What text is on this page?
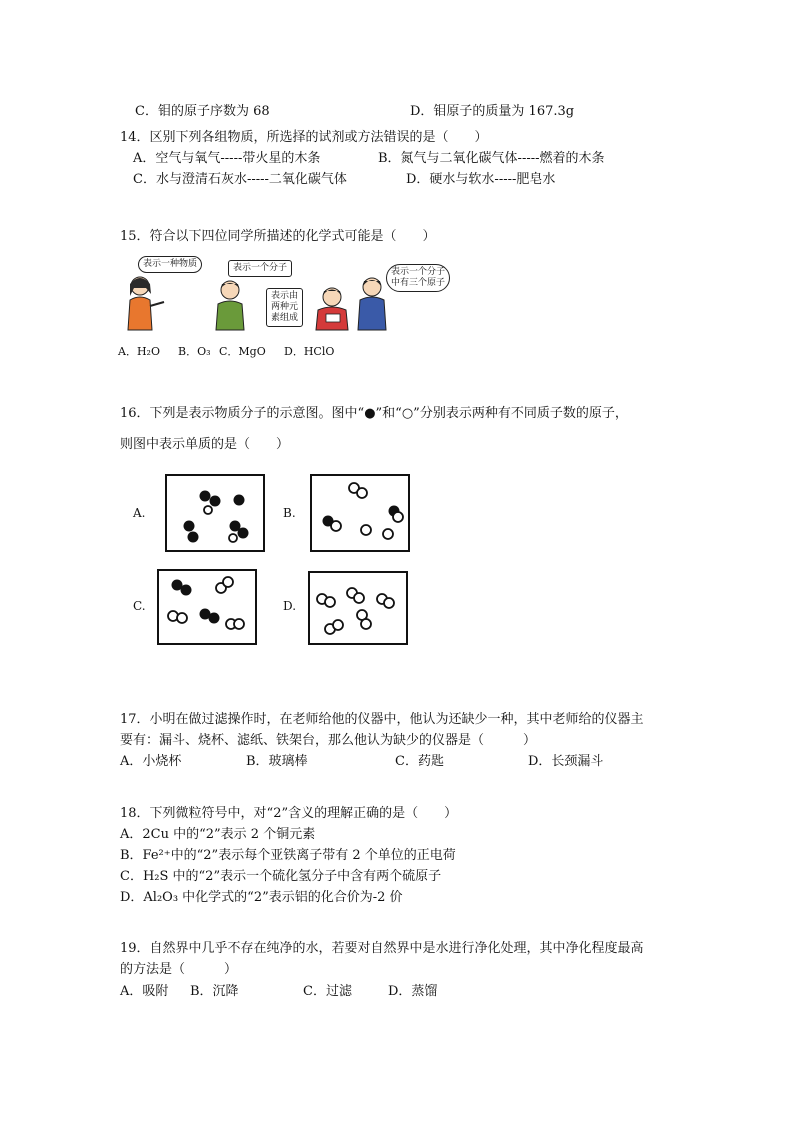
C．钼的原子序数为 68	D．钼原子的质量为 167.3g
14．区别下列各组物质，所选择的试剂或方法错误的是（　　）
A．空气与氧气-----带火星的木条	B．氮气与二氧化碳气体-----燃着的木条
C．水与澄清石灰水-----二氧化碳气体	D．硬水与软水-----肥皂水
15．符合以下四位同学所描述的化学式可能是（　　）
表示一种物质	表示一个分子
表示由
两种元
素组成
表示一个分子
中有三个原子
A．H₂O B．O₃ C．MgO D．HClO
16．下列是表示物质分子的示意图。图中“●”和“○”分别表示两种有不同质子数的原子，
则图中表示单质的是（　　）
A.	B.
C.	D.
17．小明在做过滤操作时，在老师给他的仪器中，他认为还缺少一种，其中老师给的仪器主
要有：漏斗、烧杯、滤纸、铁架台，那么他认为缺少的仪器是（　　　）
A．小烧杯	B．玻璃棒	C．药匙	D．长颈漏斗
18．下列微粒符号中，对“2”含义的理解正确的是（　　）
A．2Cu 中的“2”表示 2 个铜元素
B．Fe²⁺中的“2”表示每个亚铁离子带有 2 个单位的正电荷
C．H₂S 中的“2”表示一个硫化氢分子中含有两个硫原子
D．Al₂O₃ 中化学式的“2”表示铝的化合价为-2 价
19．自然界中几乎不存在纯净的水，若要对自然界中是水进行净化处理，其中净化程度最高
的方法是（　　　）
A．吸附 B．沉降	C．过滤	D．蒸馏
